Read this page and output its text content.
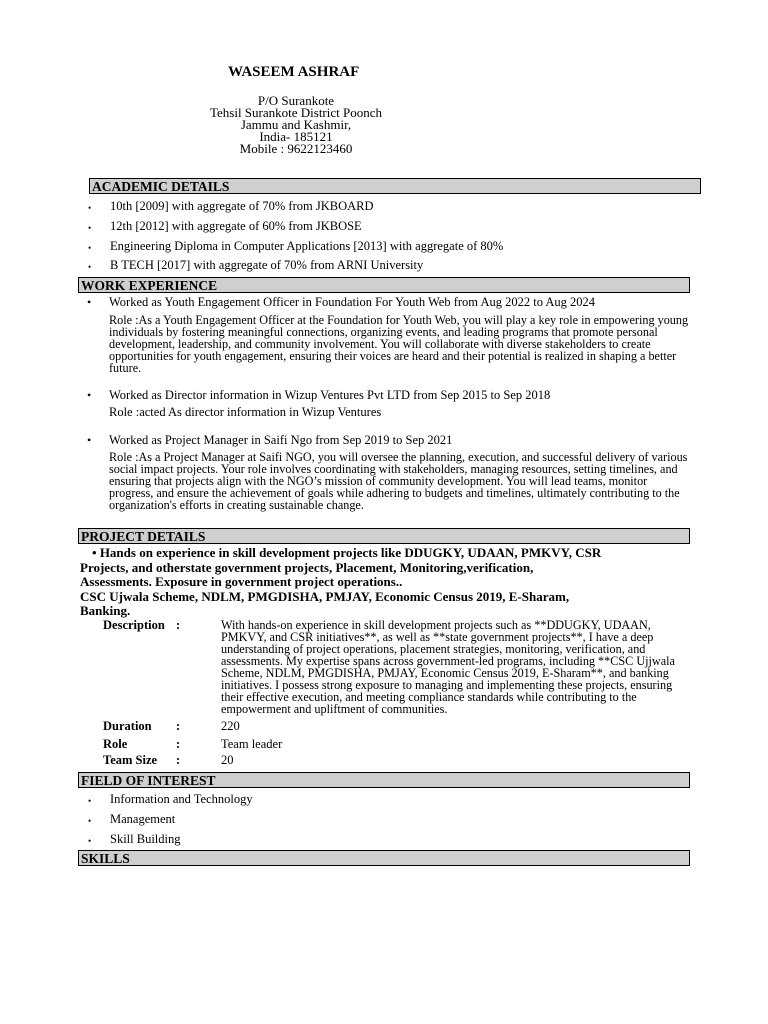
WASEEM ASHRAF
P/O Surankote
Tehsil Surankote District Poonch
Jammu and Kashmir,
India- 185121
Mobile : 9622123460
ACADEMIC DETAILS
• 10th [2009] with aggregate of 70% from JKBOARD
• 12th [2012] with aggregate of 60% from JKBOSE
• Engineering Diploma in Computer Applications [2013] with aggregate of 80%
• B TECH [2017] with aggregate of 70% from ARNI University
WORK EXPERIENCE
• Worked as Youth Engagement Officer in Foundation For Youth Web from Aug 2022 to Aug 2024
Role :As a Youth Engagement Officer at the Foundation for Youth Web, you will play a key role in empowering young individuals by fostering meaningful connections, organizing events, and leading programs that promote personal development, leadership, and community involvement. You will collaborate with diverse stakeholders to create opportunities for youth engagement, ensuring their voices are heard and their potential is realized in shaping a better future.
• Worked as Director information in Wizup Ventures Pvt LTD from Sep 2015 to Sep 2018
Role :acted As director information in Wizup Ventures
• Worked as Project Manager in Saifi Ngo from Sep 2019 to Sep 2021
Role :As a Project Manager at Saifi NGO, you will oversee the planning, execution, and successful delivery of various social impact projects. Your role involves coordinating with stakeholders, managing resources, setting timelines, and ensuring that projects align with the NGO’s mission of community development. You will lead teams, monitor progress, and ensure the achievement of goals while adhering to budgets and timelines, ultimately contributing to the organization's efforts in creating sustainable change.
PROJECT DETAILS
• Hands on experience in skill development projects like DDUGKY, UDAAN, PMKVY, CSR
Projects, and otherstate government projects, Placement, Monitoring,verification,
Assessments. Exposure in government project operations..
CSC Ujwala Scheme, NDLM, PMGDISHA, PMJAY, Economic Census 2019, E-Sharam,
Banking.
Description :	With hands-on experience in skill development projects such as **DDUGKY, UDAAN, PMKVY, and CSR initiatives**, as well as **state government projects**, I have a deep understanding of project operations, placement strategies, monitoring, verification, and assessments. My expertise spans across government-led programs, including **CSC Ujjwala Scheme, NDLM, PMGDISHA, PMJAY, Economic Census 2019, E-Sharam**, and banking initiatives. I possess strong exposure to managing and implementing these projects, ensuring their effective execution, and meeting compliance standards while contributing to the empowerment and upliftment of communities.
Duration :	220
Role	:	Team leader
Team Size :	20
FIELD OF INTEREST
• Information and Technology
• Management
• Skill Building
SKILLS
